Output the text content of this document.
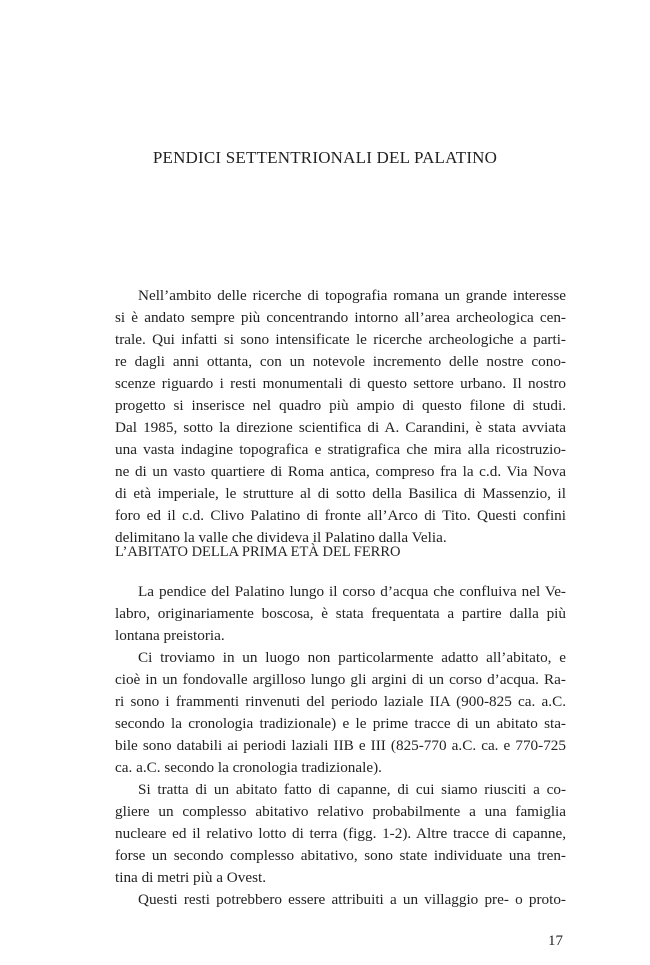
PENDICI SETTENTRIONALI DEL PALATINO
Nell’ambito delle ricerche di topografia romana un grande interesse
si è andato sempre più concentrando intorno all’area archeologica cen-
trale. Qui infatti si sono intensificate le ricerche archeologiche a parti-
re dagli anni ottanta, con un notevole incremento delle nostre cono-
scenze riguardo i resti monumentali di questo settore urbano. Il nostro
progetto si inserisce nel quadro più ampio di questo filone di studi.
Dal 1985, sotto la direzione scientifica di A. Carandini, è stata avviata
una vasta indagine topografica e stratigrafica che mira alla ricostruzio-
ne di un vasto quartiere di Roma antica, compreso fra la c.d. Via Nova
di età imperiale, le strutture al di sotto della Basilica di Massenzio, il
foro ed il c.d. Clivo Palatino di fronte all’Arco di Tito. Questi confini
delimitano la valle che divideva il Palatino dalla Velia.
L’ABITATO DELLA PRIMA ETÀ DEL FERRO
La pendice del Palatino lungo il corso d’acqua che confluiva nel Ve-
labro, originariamente boscosa, è stata frequentata a partire dalla più
lontana preistoria.
Ci troviamo in un luogo non particolarmente adatto all’abitato, e
cioè in un fondovalle argilloso lungo gli argini di un corso d’acqua. Ra-
ri sono i frammenti rinvenuti del periodo laziale IIA (900-825 ca. a.C.
secondo la cronologia tradizionale) e le prime tracce di un abitato sta-
bile sono databili ai periodi laziali IIB e III (825-770 a.C. ca. e 770-725
ca. a.C. secondo la cronologia tradizionale).
Si tratta di un abitato fatto di capanne, di cui siamo riusciti a co-
gliere un complesso abitativo relativo probabilmente a una famiglia
nucleare ed il relativo lotto di terra (figg. 1-2). Altre tracce di capanne,
forse un secondo complesso abitativo, sono state individuate una tren-
tina di metri più a Ovest.
Questi resti potrebbero essere attribuiti a un villaggio pre- o proto-
17
